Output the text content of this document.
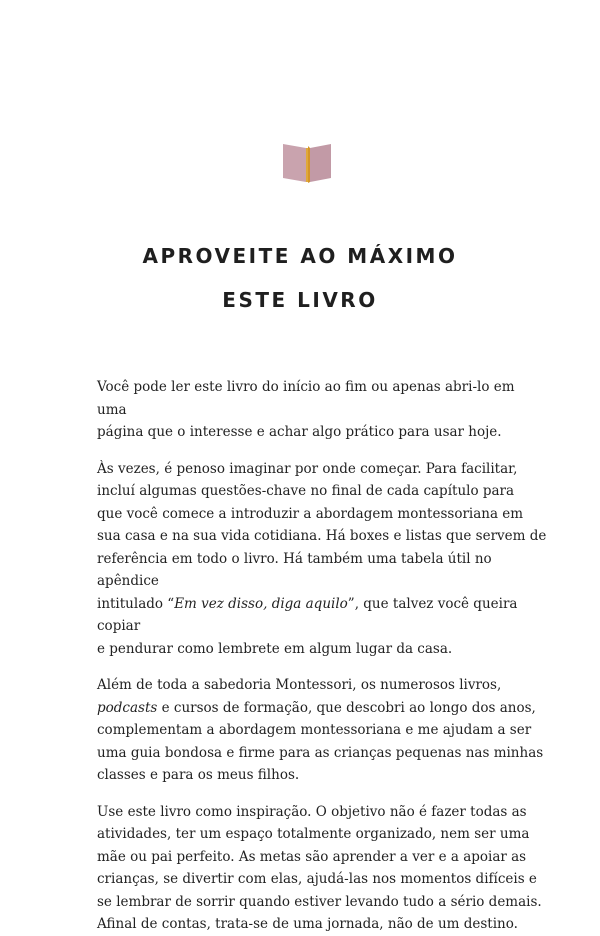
APROVEITE AO MÁXIMO
ESTE LIVRO

Você pode ler este livro do início ao fim ou apenas abri-lo em uma
página que o interesse e achar algo prático para usar hoje.

Às vezes, é penoso imaginar por onde começar. Para facilitar,
incluí algumas questões-chave no final de cada capítulo para
que você comece a introduzir a abordagem montessoriana em
sua casa e na sua vida cotidiana. Há boxes e listas que servem de
referência em todo o livro. Há também uma tabela útil no apêndice
intitulado “Em vez disso, diga aquilo”, que talvez você queira copiar
e pendurar como lembrete em algum lugar da casa.

Além de toda a sabedoria Montessori, os numerosos livros,
podcasts e cursos de formação, que descobri ao longo dos anos,
complementam a abordagem montessoriana e me ajudam a ser
uma guia bondosa e firme para as crianças pequenas nas minhas
classes e para os meus filhos.

Use este livro como inspiração. O objetivo não é fazer todas as
atividades, ter um espaço totalmente organizado, nem ser uma
mãe ou pai perfeito. As metas são aprender a ver e a apoiar as
crianças, se divertir com elas, ajudá-las nos momentos difíceis e
se lembrar de sorrir quando estiver levando tudo a sério demais.
Afinal de contas, trata-se de uma jornada, não de um destino.
